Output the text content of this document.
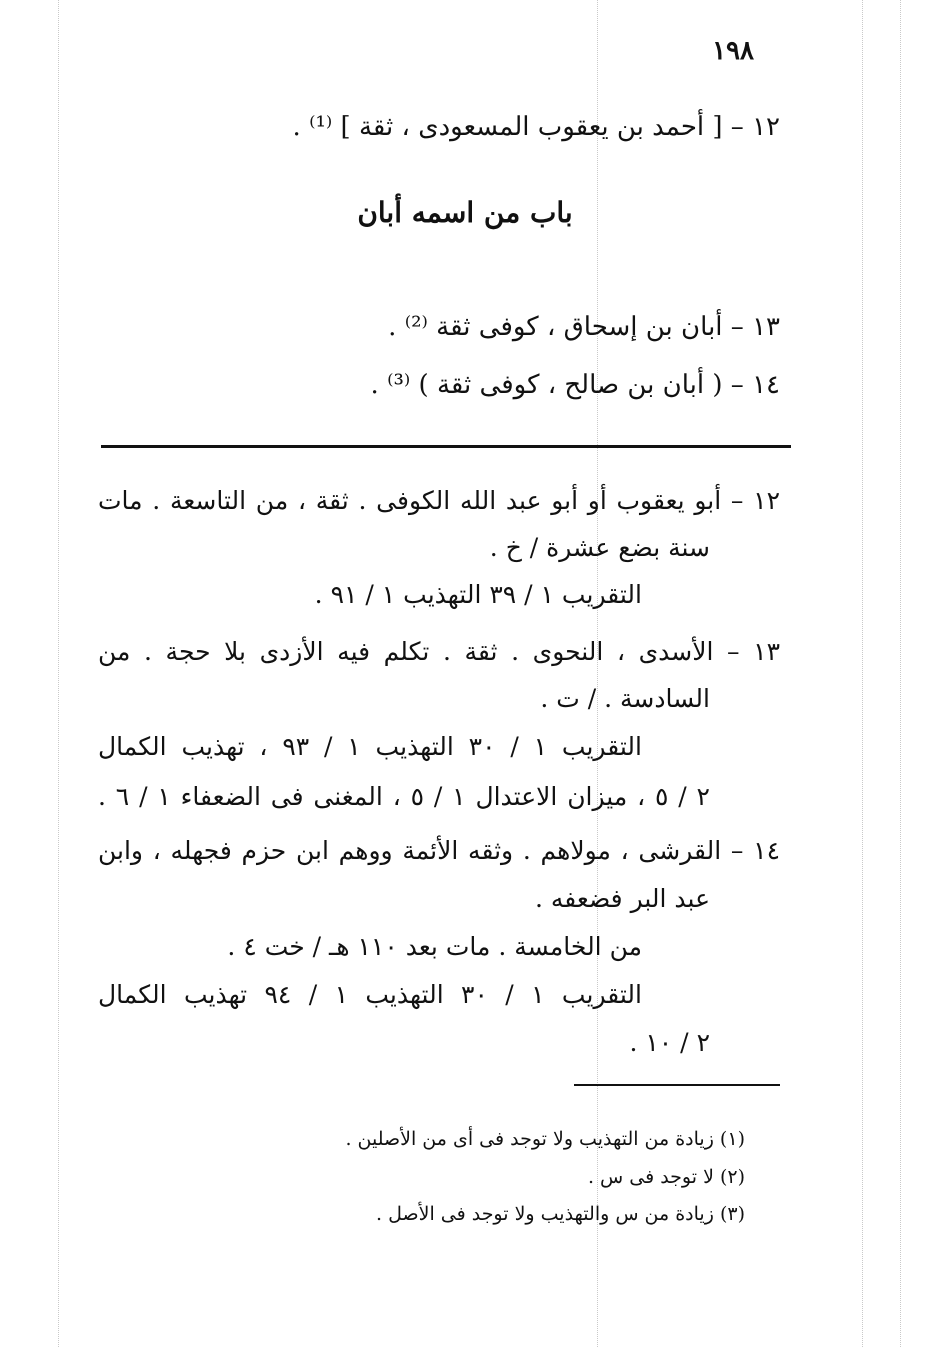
١٩٨
١٢ – [ أحمد بن يعقوب المسعودى ، ثقة ] ⁽¹⁾ .
باب من اسمه أبان
١٣ – أبان بن إسحاق ، كوفى ثقة ⁽²⁾ .
١٤ – ( أبان بن صالح ، كوفى ثقة ) ⁽³⁾ .
١٢ – أبو يعقوب أو أبو عبد الله الكوفى . ثقة ، من التاسعة . مات
سنة بضع عشرة / خ .
التقريب ١ / ٣٩ التهذيب ١ / ٩١ .
١٣ – الأسدى ، النحوى . ثقة . تكلم فيه الأزدى بلا حجة . من
السادسة . / ت .
التقريب ١ / ٣٠ التهذيب ١ / ٩٣ ، تهذيب الكمال
٢ / ٥ ، ميزان الاعتدال ١ / ٥ ، المغنى فى الضعفاء ١ / ٦ .
١٤ – القرشى ، مولاهم . وثقه الأئمة ووهم ابن حزم فجهله ، وابن
عبد البر فضعفه .
من الخامسة . مات بعد ١١٠ هـ / خت ٤ .
التقريب ١ / ٣٠ التهذيب ١ / ٩٤ تهذيب الكمال
٢ / ١٠ .
(١) زيادة من التهذيب ولا توجد فى أى من الأصلين .
(٢) لا توجد فى س .
(٣) زيادة من س والتهذيب ولا توجد فى الأصل .
